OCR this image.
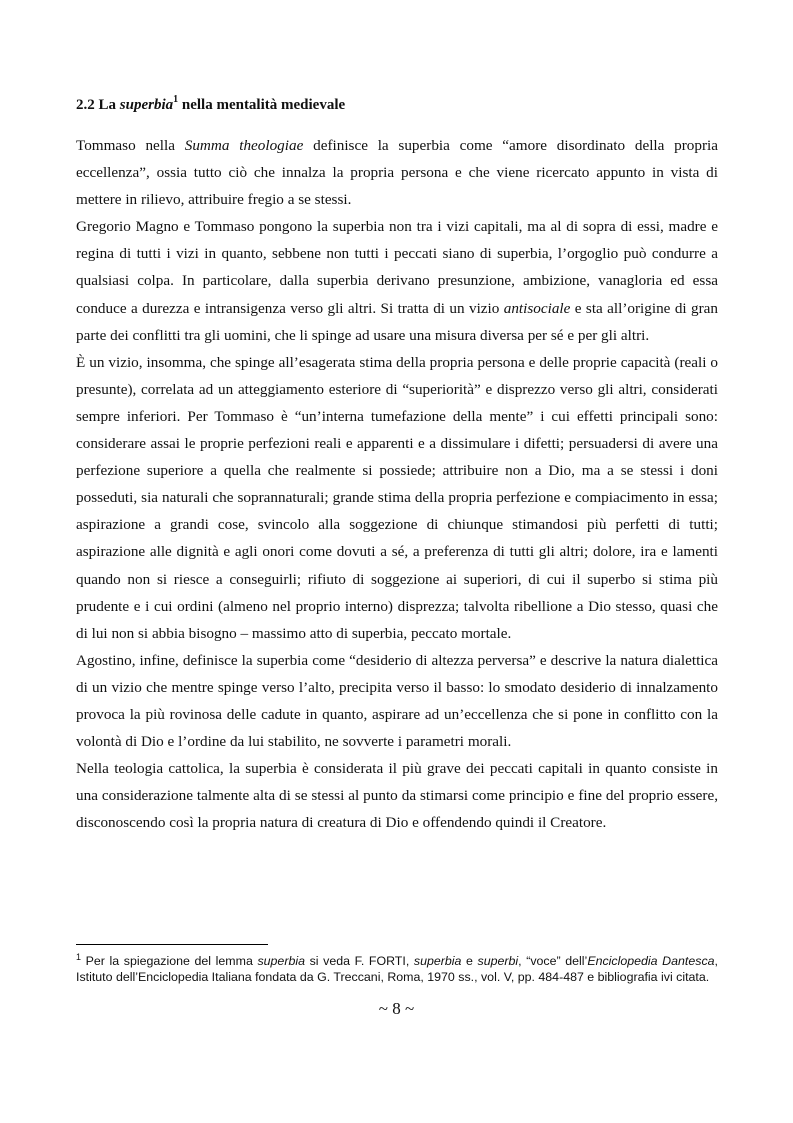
2.2 La superbia$^1$ nella mentalità medievale

Tommaso nella Summa theologiae definisce la superbia come “amore disordinato della propria eccellenza”, ossia tutto ciò che innalza la propria persona e che viene ricercato appunto in vista di mettere in rilievo, attribuire fregio a se stessi.

Gregorio Magno e Tommaso pongono la superbia non tra i vizi capitali, ma al di sopra di essi, madre e regina di tutti i vizi in quanto, sebbene non tutti i peccati siano di superbia, l’orgoglio può condurre a qualsiasi colpa. In particolare, dalla superbia derivano presunzione, ambizione, vanagloria ed essa conduce a durezza e intransigenza verso gli altri. Si tratta di un vizio antisociale e sta all’origine di gran parte dei conflitti tra gli uomini, che li spinge ad usare una misura diversa per sé e per gli altri.

È un vizio, insomma, che spinge all’esagerata stima della propria persona e delle proprie capacità (reali o presunte), correlata ad un atteggiamento esteriore di “superiorità” e disprezzo verso gli altri, considerati sempre inferiori. Per Tommaso è “un’interna tumefazione della mente” i cui effetti principali sono: considerare assai le proprie perfezioni reali e apparenti e a dissimulare i difetti; persuadersi di avere una perfezione superiore a quella che realmente si possiede; attribuire non a Dio, ma a se stessi i doni posseduti, sia naturali che soprannaturali; grande stima della propria perfezione e compiacimento in essa; aspirazione a grandi cose, svincolo alla soggezione di chiunque stimandosi più perfetti di tutti; aspirazione alle dignità e agli onori come dovuti a sé, a preferenza di tutti gli altri; dolore, ira e lamenti quando non si riesce a conseguirli; rifiuto di soggezione ai superiori, di cui il superbo si stima più prudente e i cui ordini (almeno nel proprio interno) disprezza; talvolta ribellione a Dio stesso, quasi che di lui non si abbia bisogno – massimo atto di superbia, peccato mortale.

Agostino, infine, definisce la superbia come “desiderio di altezza perversa” e descrive la natura dialettica di un vizio che mentre spinge verso l’alto, precipita verso il basso: lo smodato desiderio di innalzamento provoca la più rovinosa delle cadute in quanto, aspirare ad un’eccellenza che si pone in conflitto con la volontà di Dio e l’ordine da lui stabilito, ne sovverte i parametri morali.

Nella teologia cattolica, la superbia è considerata il più grave dei peccati capitali in quanto consiste in una considerazione talmente alta di se stessi al punto da stimarsi come principio e fine del proprio essere, disconoscendo così la propria natura di creatura di Dio e offendendo quindi il Creatore.

$^1$ Per la spiegazione del lemma superbia si veda F. FORTI, superbia e superbi, “voce” dell’Enciclopedia Dantesca, Istituto dell’Enciclopedia Italiana fondata da G. Treccani, Roma, 1970 ss., vol. V, pp. 484-487 e bibliografia ivi citata.
~ 8 ~
